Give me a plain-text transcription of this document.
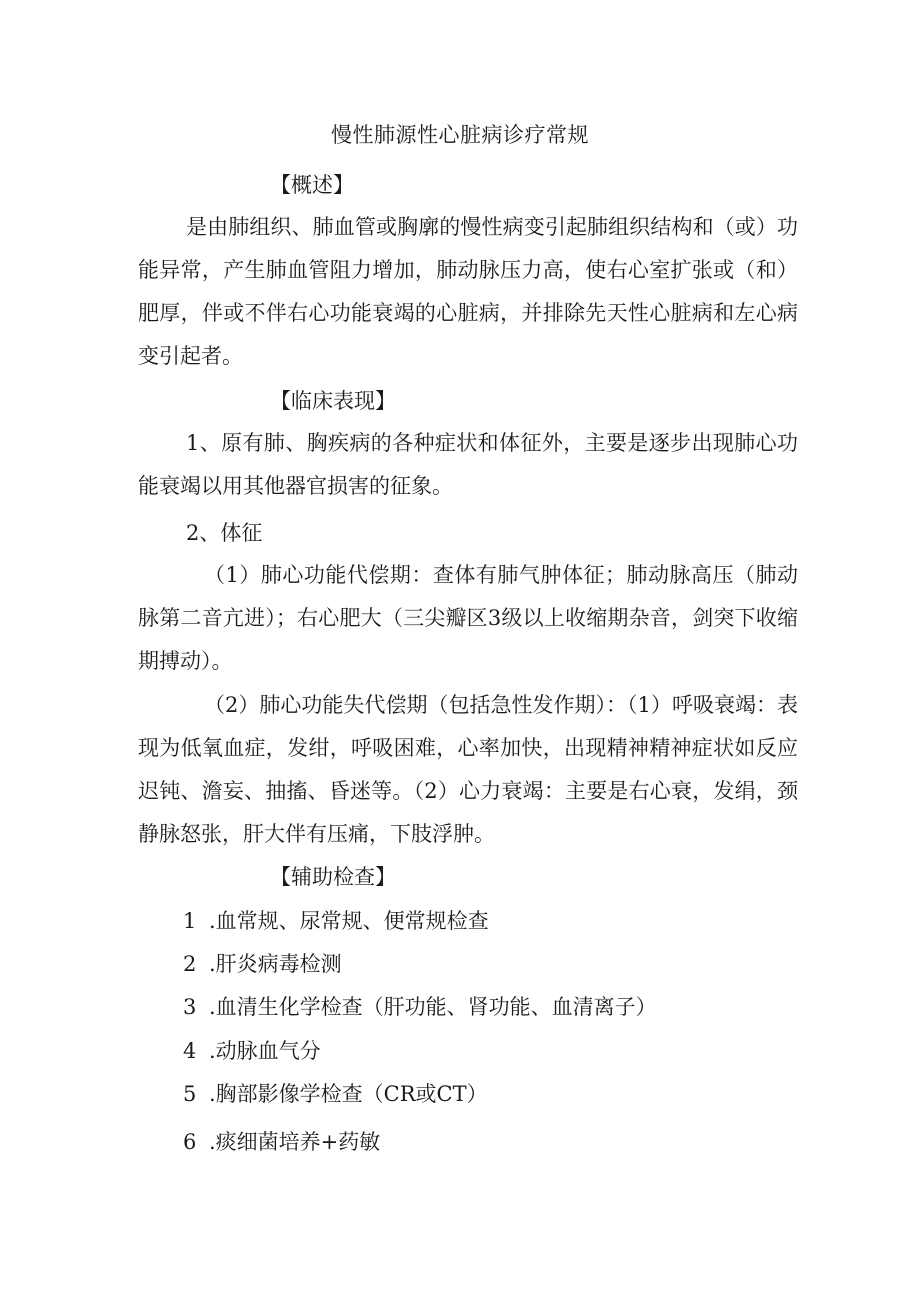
慢性肺源性心脏病诊疗常规
【概述】

是由肺组织、肺血管或胸廓的慢性病变引起肺组织结构和（或）功能异常，产生肺血管阻力增加，肺动脉压力高，使右心室扩张或（和）肥厚，伴或不伴右心功能衰竭的心脏病，并排除先天性心脏病和左心病变引起者。

【临床表现】

1、原有肺、胸疾病的各种症状和体征外，主要是逐步出现肺心功能衰竭以用其他器官损害的征象。

2、体征

（1）肺心功能代偿期：查体有肺气肿体征；肺动脉高压（肺动脉第二音亢进）；右心肥大（三尖瓣区3级以上收缩期杂音，剑突下收缩期搏动）。

（2）肺心功能失代偿期（包括急性发作期）：（1）呼吸衰竭：表现为低氧血症，发绀，呼吸困难，心率加快，出现精神精神症状如反应迟钝、澹妄、抽搐、昏迷等。（2）心力衰竭：主要是右心衰，发绢，颈静脉怒张，肝大伴有压痛，下肢浮肿。

【辅助检查】
1 .血常规、尿常规、便常规检查
2 .肝炎病毒检测
3 .血清生化学检查（肝功能、肾功能、血清离子）
4 .动脉血气分
5 .胸部影像学检查（CR或CT）
6 .痰细菌培养+药敏
